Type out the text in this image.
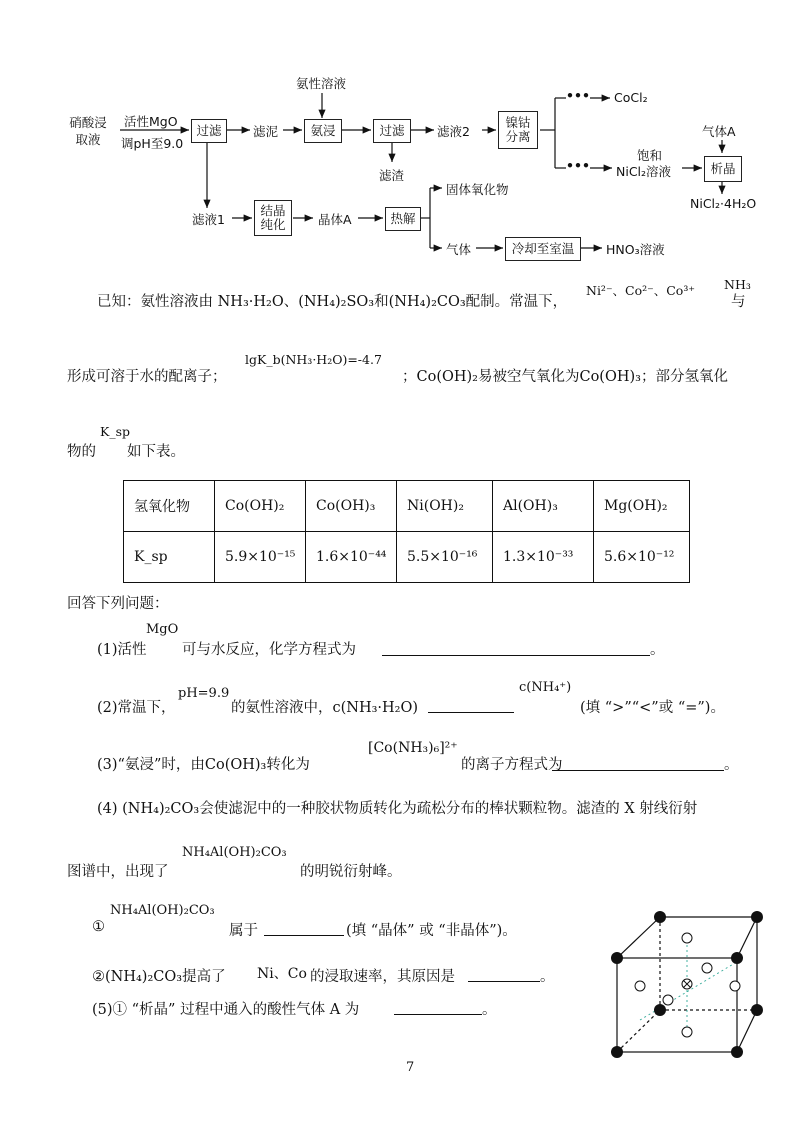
硝酸浸取液
活性MgO
调pH至9.0
过滤	滤泥
氨性溶液
氨浸	过滤
滤渣
滤液2
镍钴分离
•••
•••
CoCl₂
饱和
NiCl₂溶液
气体A
析晶
NiCl₂·4H₂O
滤液1
结晶纯化	晶体A	热解
固体氧化物
气体	冷却至室温	HNO₃溶液
已知：氨性溶液由 NH₃·H₂O、(NH₄)₂SO₃和(NH₄)₂CO₃配制。常温下，
Ni²⁻、Co²⁻、Co³⁺
与
NH₃
形成可溶于水的配离子；
lgK_b(NH₃·H₂O)=-4.7
；Co(OH)₂易被空气氧化为Co(OH)₃；部分氢氧化
物的
K_sp
如下表。
氢氧化物	Co(OH)₂	Co(OH)₃	Ni(OH)₂	Al(OH)₃	Mg(OH)₂
K_sp	5.9×10⁻¹⁵	1.6×10⁻⁴⁴	5.5×10⁻¹⁶	1.3×10⁻³³	5.6×10⁻¹²
回答下列问题：
(1)活性
MgO
可与水反应，化学方程式为	。
(2)常温下，
pH=9.9
的氨性溶液中，c(NH₃·H₂O)
c(NH₄⁺)
(填 “>”“<”或 “=”)。
(3)“氨浸”时，由Co(OH)₃转化为
[Co(NH₃)₆]²⁺
的离子方程式为	。
(4) (NH₄)₂CO₃会使滤泥中的一种胶状物质转化为疏松分布的棒状颗粒物。滤渣的 X 射线衍射
图谱中，出现了
NH₄Al(OH)₂CO₃
的明锐衍射峰。
①
NH₄Al(OH)₂CO₃
属于	(填 “晶体” 或 “非晶体”)。
②(NH₄)₂CO₃提高了 Ni、Co 的浸取速率，其原因是	。
(5)① “析晶” 过程中通入的酸性气体 A 为	。
7
